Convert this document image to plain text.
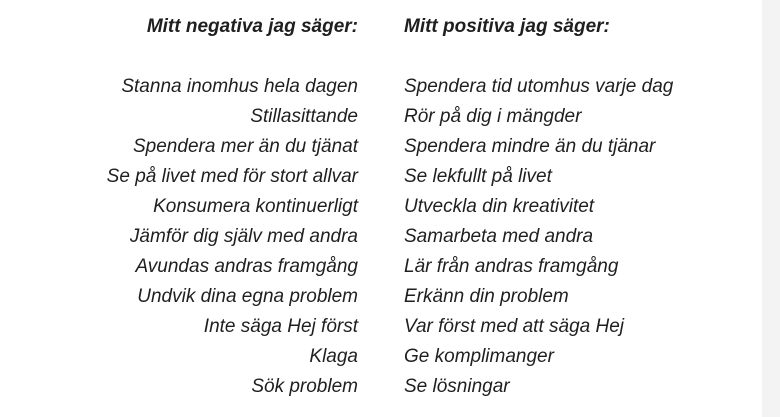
Mitt negativa jag säger:
Stanna inomhus hela dagen
Stillasittande
Spendera mer än du tjänat
Se på livet med för stort allvar
Konsumera kontinuerligt
Jämför dig själv med andra
Avundas andras framgång
Undvik dina egna problem
Inte säga Hej först
Klaga
Sök problem
Mitt positiva jag säger:
Spendera tid utomhus varje dag
Rör på dig i mängder
Spendera mindre än du tjänar
Se lekfullt på livet
Utveckla din kreativitet
Samarbeta med andra
Lär från andras framgång
Erkänn din problem
Var först med att säga Hej
Ge komplimanger
Se lösningar
